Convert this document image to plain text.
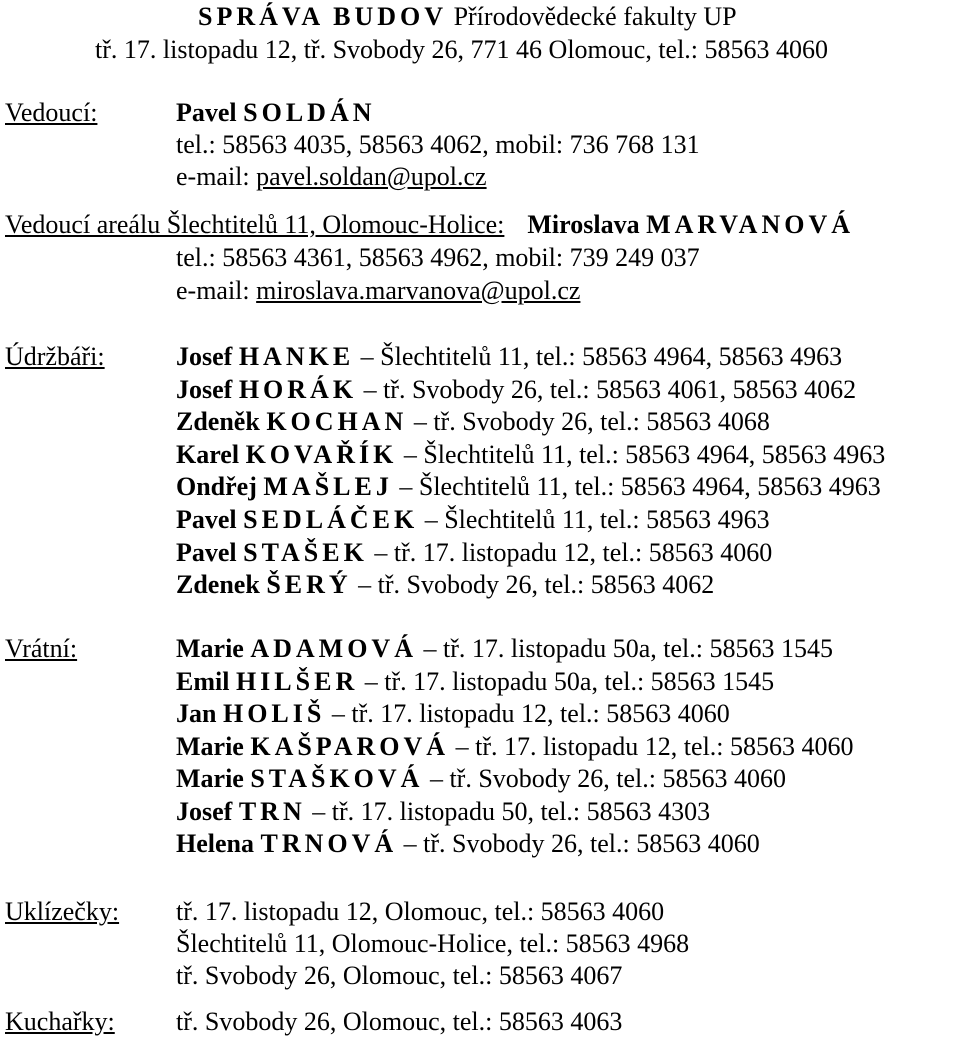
SPRÁVA BUDOV Přírodovědecké fakulty UP
tř. 17. listopadu 12, tř. Svobody 26, 771 46 Olomouc, tel.: 58563 4060
Vedoucí:	Pavel SOLDÁN
tel.: 58563 4035, 58563 4062, mobil: 736 768 131
e-mail: pavel.soldan@upol.cz
Vedoucí areálu Šlechtitelů 11, Olomouc-Holice: Miroslava MARVANOVÁ
tel.: 58563 4361, 58563 4962, mobil: 739 249 037
e-mail: miroslava.marvanova@upol.cz
Údržbáři:	Josef HANKE – Šlechtitelů 11, tel.: 58563 4964, 58563 4963
Josef HORÁK – tř. Svobody 26, tel.: 58563 4061, 58563 4062
Zdeněk KOCHAN – tř. Svobody 26, tel.: 58563 4068
Karel KOVAŘÍK – Šlechtitelů 11, tel.: 58563 4964, 58563 4963
Ondřej MAŠLEJ – Šlechtitelů 11, tel.: 58563 4964, 58563 4963
Pavel SEDLÁČEK – Šlechtitelů 11, tel.: 58563 4963
Pavel STAŠEK – tř. 17. listopadu 12, tel.: 58563 4060
Zdenek ŠERÝ – tř. Svobody 26, tel.: 58563 4062
Vrátní:	Marie ADAMOVÁ – tř. 17. listopadu 50a, tel.: 58563 1545
Emil HILŠER – tř. 17. listopadu 50a, tel.: 58563 1545
Jan HOLIŠ – tř. 17. listopadu 12, tel.: 58563 4060
Marie KAŠPAROVÁ – tř. 17. listopadu 12, tel.: 58563 4060
Marie STAŠKOVÁ – tř. Svobody 26, tel.: 58563 4060
Josef TRN – tř. 17. listopadu 50, tel.: 58563 4303
Helena TRNOVÁ – tř. Svobody 26, tel.: 58563 4060
Uklízečky: tř. 17. listopadu 12, Olomouc, tel.: 58563 4060
Šlechtitelů 11, Olomouc-Holice, tel.: 58563 4968
tř. Svobody 26, Olomouc, tel.: 58563 4067
Kuchařky: tř. Svobody 26, Olomouc, tel.: 58563 4063
